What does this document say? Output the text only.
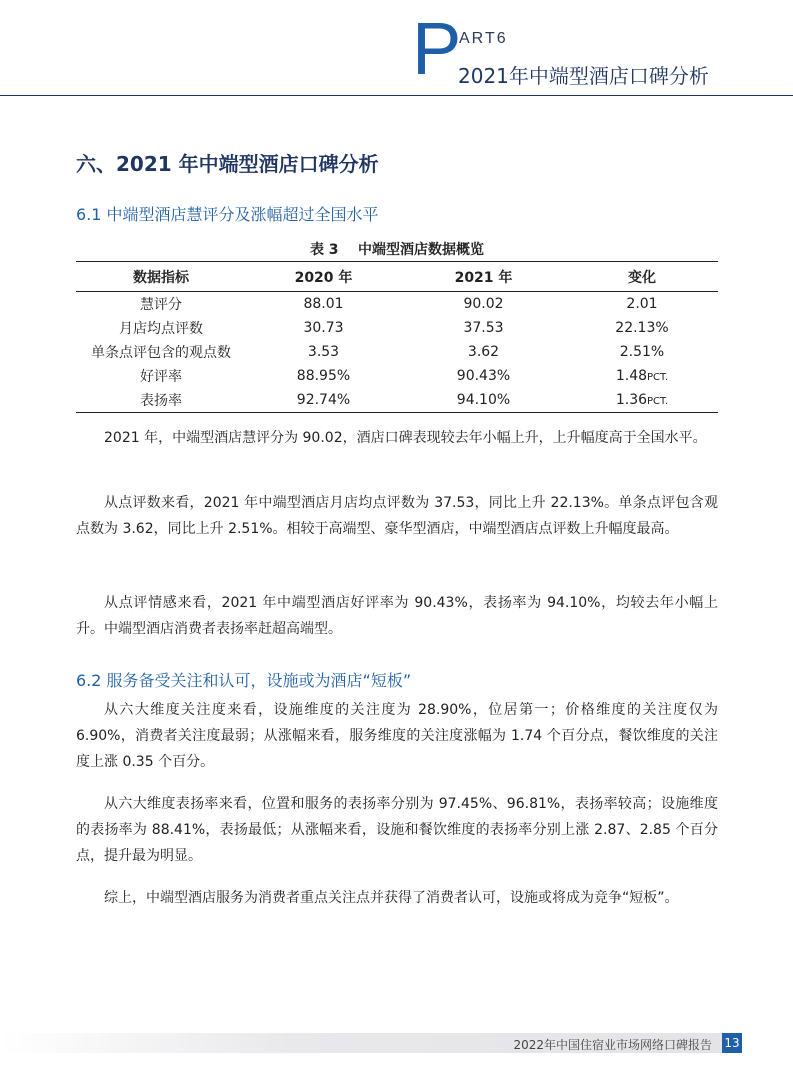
P
ART6
2021年中端型酒店口碑分析
六、2021 年中端型酒店口碑分析
6.1 中端型酒店慧评分及涨幅超过全国水平
表 3    中端型酒店数据概览
数据指标	2020 年	2021 年	变化
慧评分	88.01	90.02	2.01
月店均点评数	30.73	37.53	22.13%
单条点评包含的观点数	3.53	3.62	2.51%
好评率	88.95%	90.43%	1.48PCT.
表扬率	92.74%	94.10%	1.36PCT.

2021 年，中端型酒店慧评分为 90.02，酒店口碑表现较去年小幅上升，上升幅度高于全国水平。

从点评数来看，2021 年中端型酒店月店均点评数为 37.53，同比上升 22.13%。单条点评包含观点数为 3.62，同比上升 2.51%。相较于高端型、豪华型酒店，中端型酒店点评数上升幅度最高。

从点评情感来看，2021 年中端型酒店好评率为 90.43%，表扬率为 94.10%，均较去年小幅上升。中端型酒店消费者表扬率赶超高端型。

6.2 服务备受关注和认可，设施或为酒店“短板”

从六大维度关注度来看，设施维度的关注度为 28.90%，位居第一；价格维度的关注度仅为 6.90%，消费者关注度最弱；从涨幅来看，服务维度的关注度涨幅为 1.74 个百分点，餐饮维度的关注度上涨 0.35 个百分。

从六大维度表扬率来看，位置和服务的表扬率分别为 97.45%、96.81%，表扬率较高；设施维度的表扬率为 88.41%，表扬最低；从涨幅来看，设施和餐饮维度的表扬率分别上涨 2.87、2.85 个百分点，提升最为明显。

综上，中端型酒店服务为消费者重点关注点并获得了消费者认可，设施或将成为竞争“短板”。

2022年中国住宿业市场网络口碑报告 13
